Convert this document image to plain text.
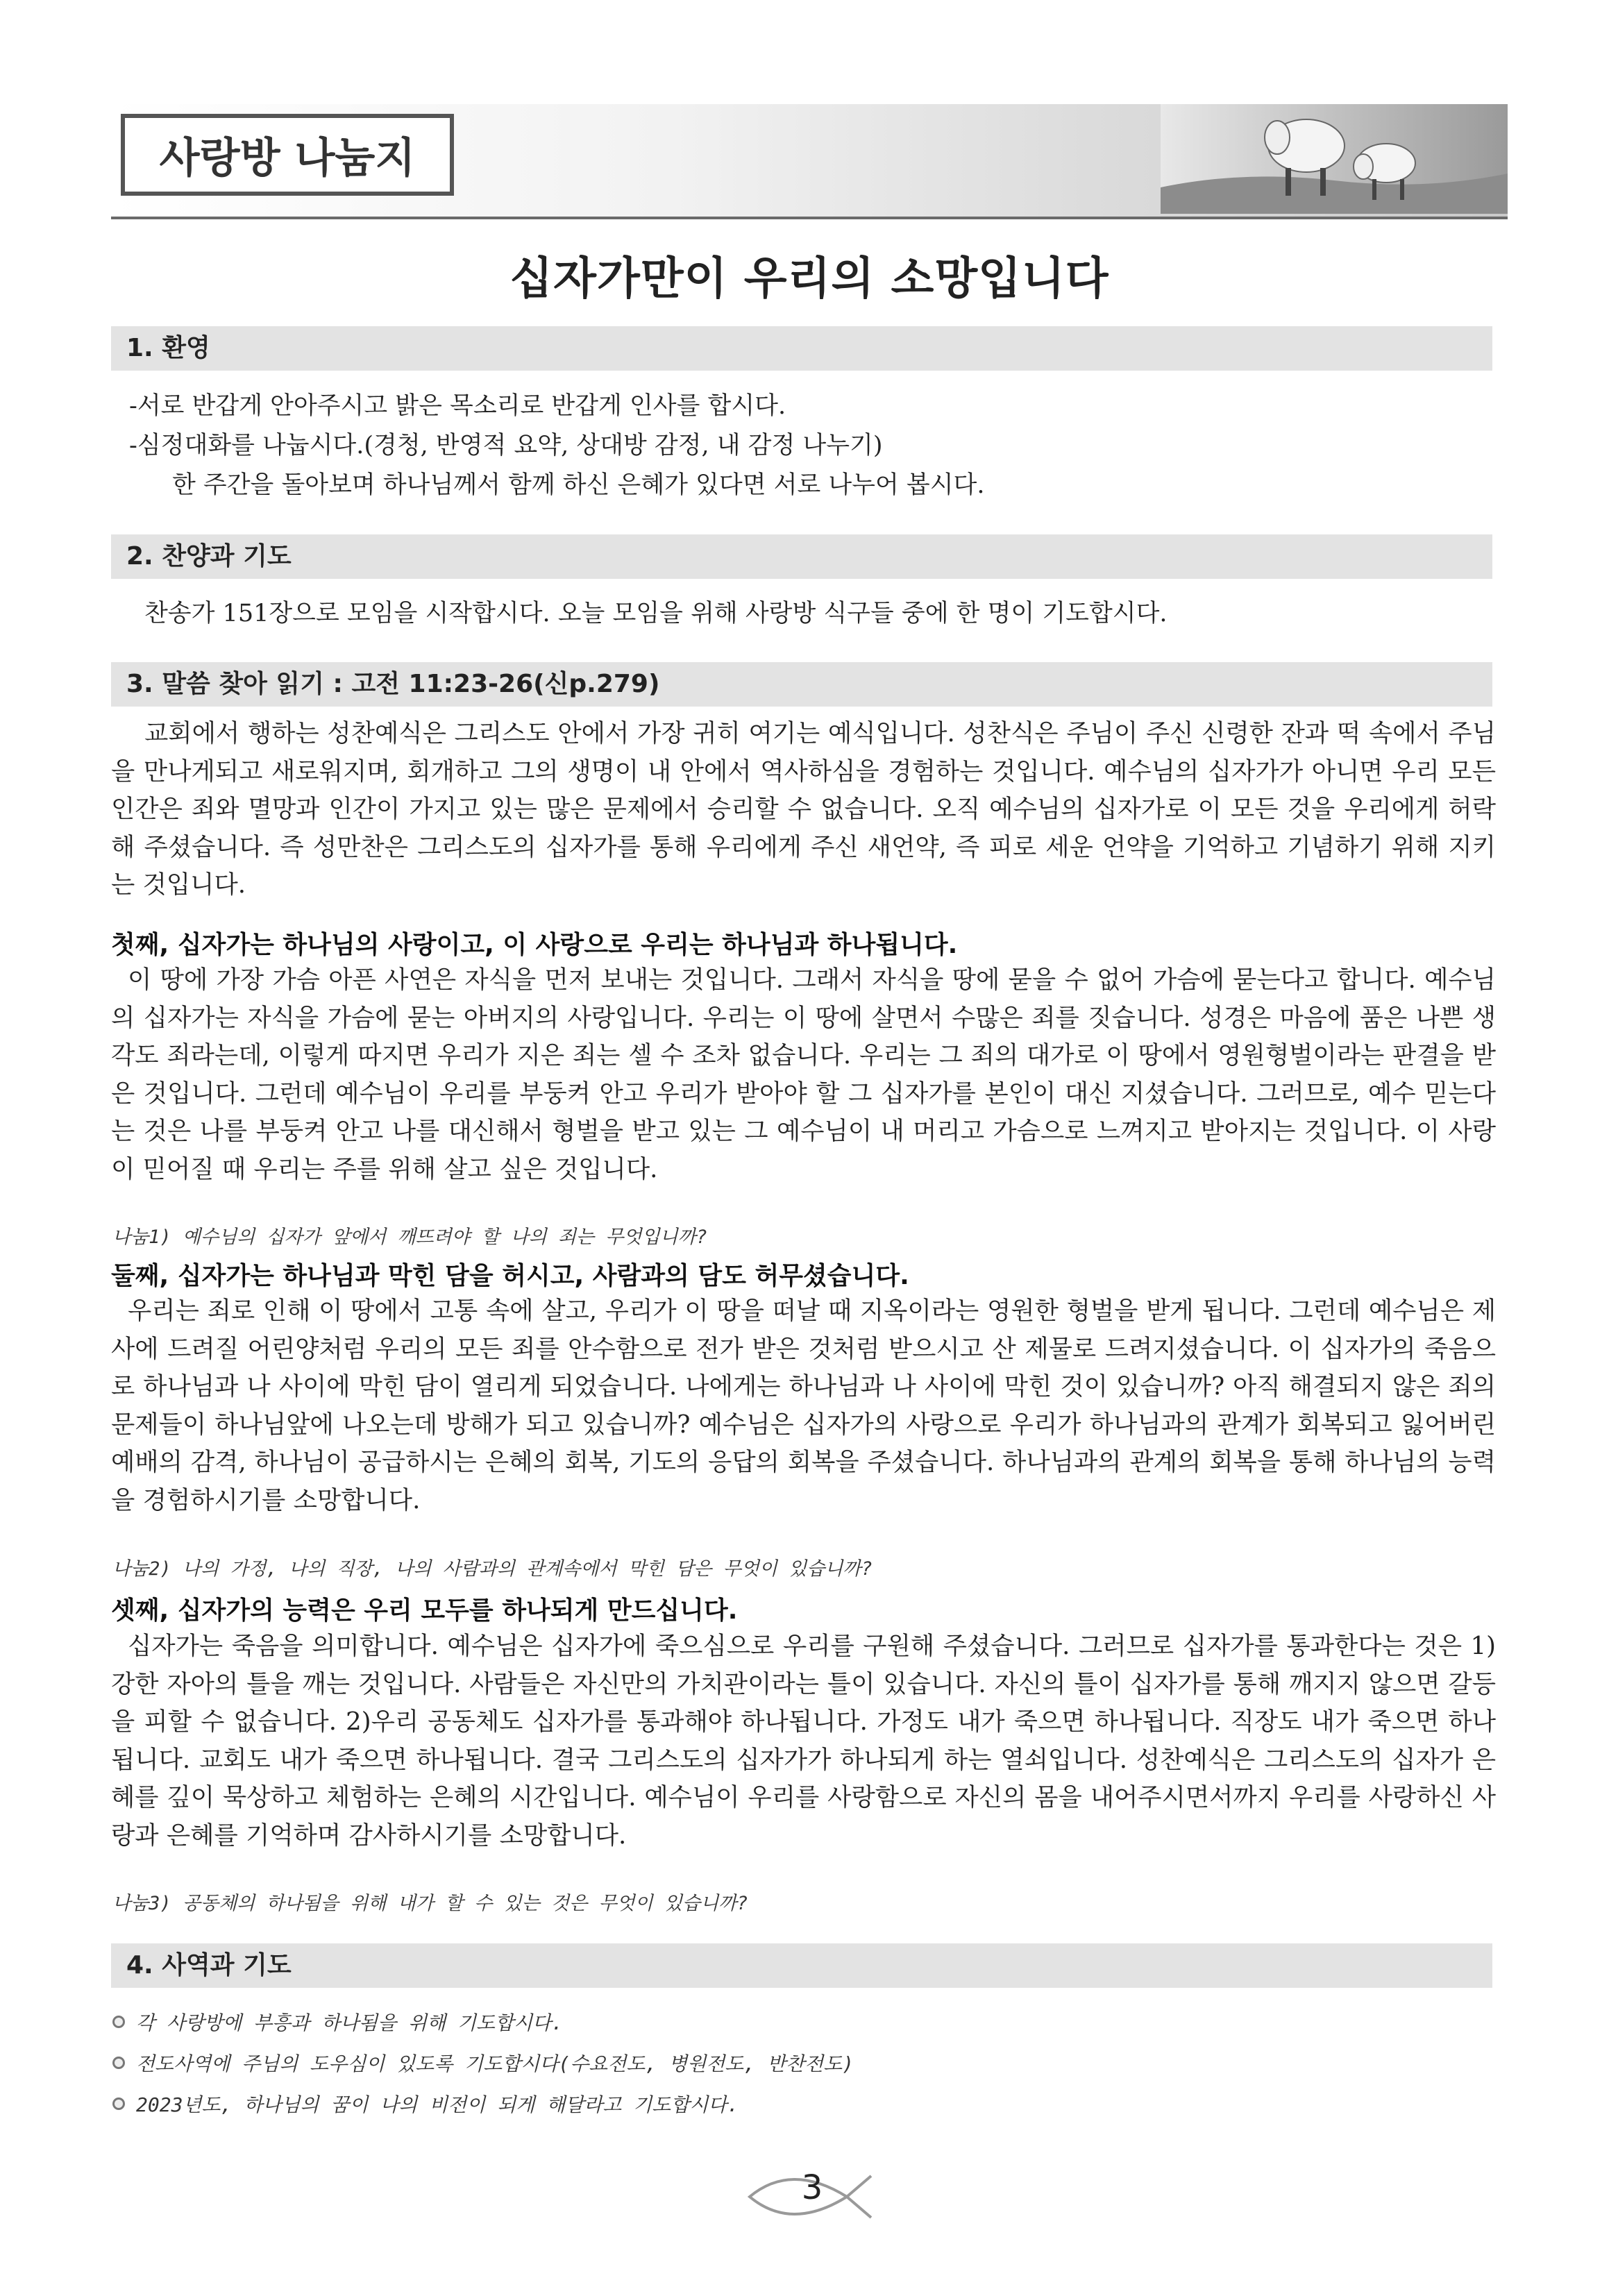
사랑방 나눔지
십자가만이 우리의 소망입니다
1. 환영
-서로 반갑게 안아주시고 밝은 목소리로 반갑게 인사를 합시다.
-심정대화를 나눕시다.(경청, 반영적 요약, 상대방 감정, 내 감정 나누기)
한 주간을 돌아보며 하나님께서 함께 하신 은혜가 있다면 서로 나누어 봅시다.
2. 찬양과 기도
찬송가 151장으로 모임을 시작합시다. 오늘 모임을 위해 사랑방 식구들 중에 한 명이 기도합시다.
3. 말씀 찾아 읽기 : 고전 11:23-26(신p.279)

교회에서 행하는 성찬예식은 그리스도 안에서 가장 귀히 여기는 예식입니다. 성찬식은 주님이 주신 신령한 잔과 떡 속에서 주님을 만나게되고 새로워지며, 회개하고 그의 생명이 내 안에서 역사하심을 경험하는 것입니다. 예수님의 십자가가 아니면 우리 모든 인간은 죄와 멸망과 인간이 가지고 있는 많은 문제에서 승리할 수 없습니다. 오직 예수님의 십자가로 이 모든 것을 우리에게 허락해 주셨습니다. 즉 성만찬은 그리스도의 십자가를 통해 우리에게 주신 새언약, 즉 피로 세운 언약을 기억하고 기념하기 위해 지키는 것입니다.

첫째, 십자가는 하나님의 사랑이고, 이 사랑으로 우리는 하나님과 하나됩니다.

이 땅에 가장 가슴 아픈 사연은 자식을 먼저 보내는 것입니다. 그래서 자식을 땅에 묻을 수 없어 가슴에 묻는다고 합니다. 예수님의 십자가는 자식을 가슴에 묻는 아버지의 사랑입니다. 우리는 이 땅에 살면서 수많은 죄를 짓습니다. 성경은 마음에 품은 나쁜 생각도 죄라는데, 이렇게 따지면 우리가 지은 죄는 셀 수 조차 없습니다. 우리는 그 죄의 대가로 이 땅에서 영원형벌이라는 판결을 받은 것입니다. 그런데 예수님이 우리를 부둥켜 안고 우리가 받아야 할 그 십자가를 본인이 대신 지셨습니다. 그러므로, 예수 믿는다는 것은 나를 부둥켜 안고 나를 대신해서 형벌을 받고 있는 그 예수님이 내 머리고 가슴으로 느껴지고 받아지는 것입니다. 이 사랑이 믿어질 때 우리는 주를 위해 살고 싶은 것입니다.

나눔1) 예수님의 십자가 앞에서 깨뜨려야 할 나의 죄는 무엇입니까?
둘째, 십자가는 하나님과 막힌 담을 허시고, 사람과의 담도 허무셨습니다.

우리는 죄로 인해 이 땅에서 고통 속에 살고, 우리가 이 땅을 떠날 때 지옥이라는 영원한 형벌을 받게 됩니다. 그런데 예수님은 제사에 드려질 어린양처럼 우리의 모든 죄를 안수함으로 전가 받은 것처럼 받으시고 산 제물로 드려지셨습니다. 이 십자가의 죽음으로 하나님과 나 사이에 막힌 담이 열리게 되었습니다. 나에게는 하나님과 나 사이에 막힌 것이 있습니까? 아직 해결되지 않은 죄의 문제들이 하나님앞에 나오는데 방해가 되고 있습니까? 예수님은 십자가의 사랑으로 우리가 하나님과의 관계가 회복되고 잃어버린 예배의 감격, 하나님이 공급하시는 은혜의 회복, 기도의 응답의 회복을 주셨습니다. 하나님과의 관계의 회복을 통해 하나님의 능력을 경험하시기를 소망합니다.

나눔2) 나의 가정, 나의 직장, 나의 사람과의 관계속에서 막힌 담은 무엇이 있습니까?
셋째, 십자가의 능력은 우리 모두를 하나되게 만드십니다.

십자가는 죽음을 의미합니다. 예수님은 십자가에 죽으심으로 우리를 구원해 주셨습니다. 그러므로 십자가를 통과한다는 것은 1)강한 자아의 틀을 깨는 것입니다. 사람들은 자신만의 가치관이라는 틀이 있습니다. 자신의 틀이 십자가를 통해 깨지지 않으면 갈등을 피할 수 없습니다. 2)우리 공동체도 십자가를 통과해야 하나됩니다. 가정도 내가 죽으면 하나됩니다. 직장도 내가 죽으면 하나됩니다. 교회도 내가 죽으면 하나됩니다. 결국 그리스도의 십자가가 하나되게 하는 열쇠입니다. 성찬예식은 그리스도의 십자가 은혜를 깊이 묵상하고 체험하는 은혜의 시간입니다. 예수님이 우리를 사랑함으로 자신의 몸을 내어주시면서까지 우리를 사랑하신 사랑과 은혜를 기억하며 감사하시기를 소망합니다.

나눔3) 공동체의 하나됨을 위해 내가 할 수 있는 것은 무엇이 있습니까?
4. 사역과 기도
각 사랑방에 부흥과 하나됨을 위해 기도합시다.
전도사역에 주님의 도우심이 있도록 기도합시다(수요전도, 병원전도, 반찬전도)
2023년도, 하나님의 꿈이 나의 비전이 되게 해달라고 기도합시다.
3
